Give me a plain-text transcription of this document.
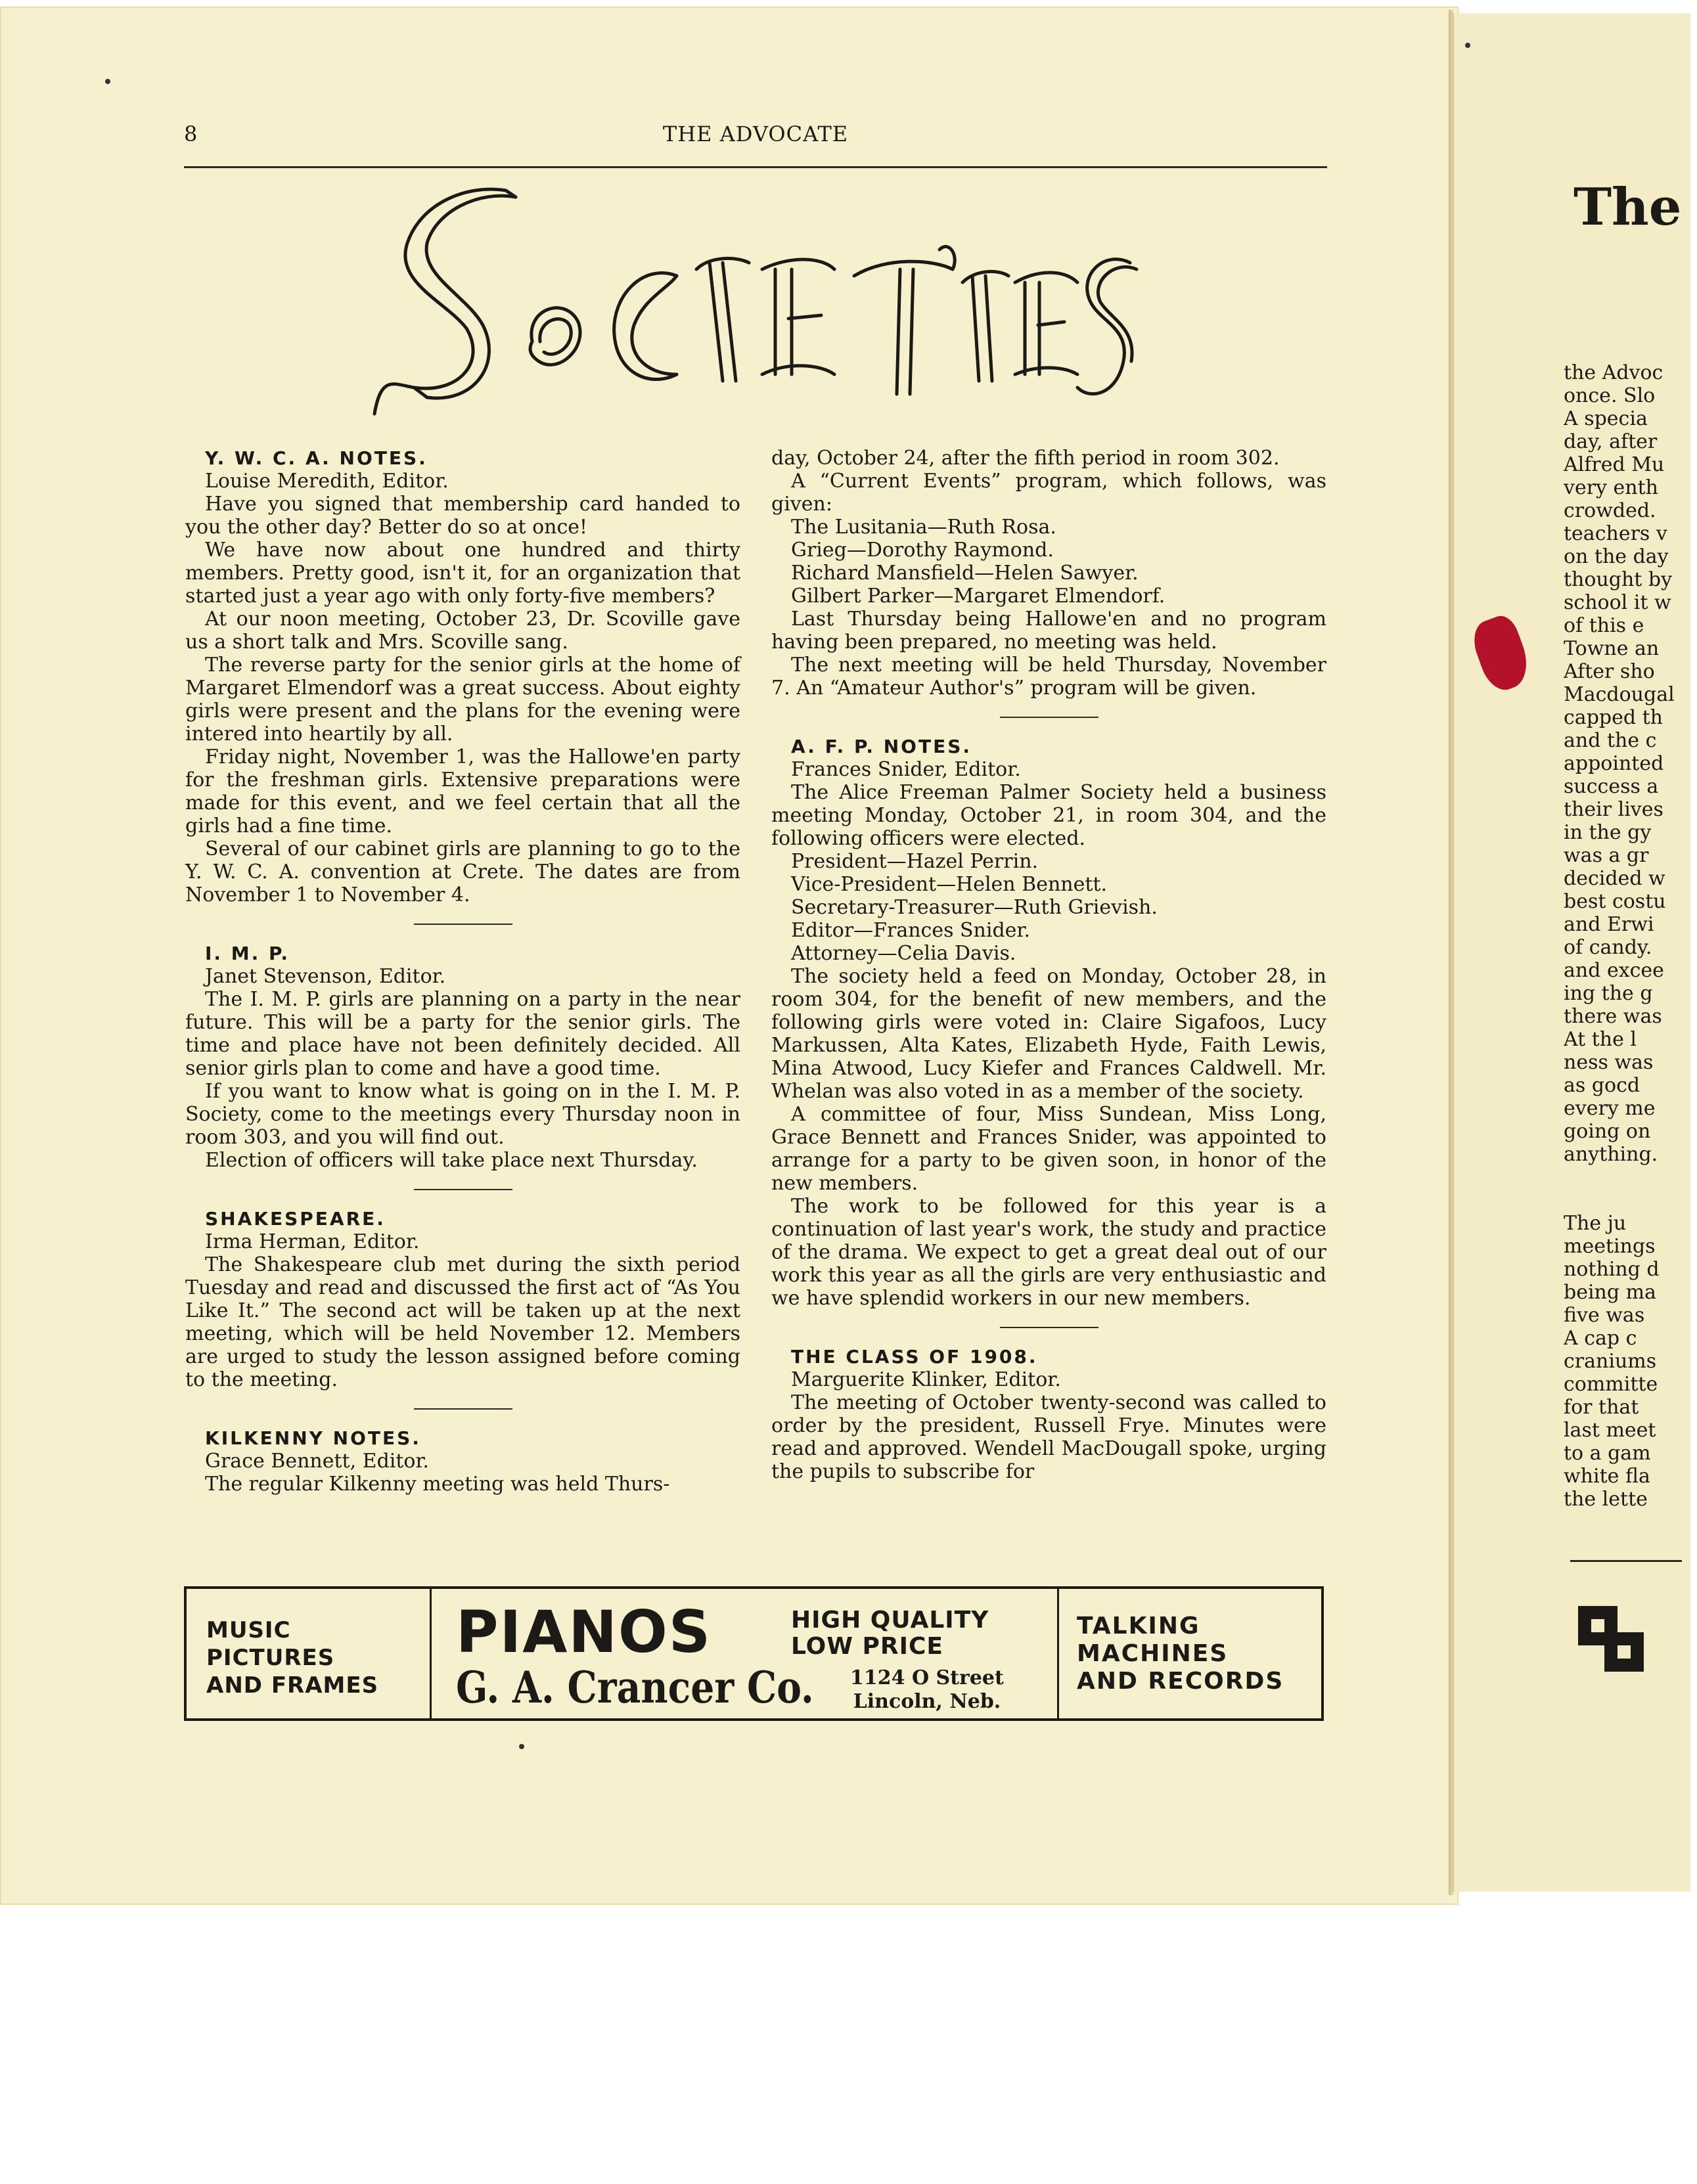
8	THE ADVOCATE

Y. W. C. A. NOTES.

Louise Meredith, Editor.

Have you signed that membership card handed to you the other day? Better do so at once!

We have now about one hundred and thirty members. Pretty good, isn't it, for an organization that started just a year ago with only forty-five members?

At our noon meeting, October 23, Dr. Scoville gave us a short talk and Mrs. Scoville sang.

The reverse party for the senior girls at the home of Margaret Elmendorf was a great success. About eighty girls were present and the plans for the evening were intered into heartily by all.

Friday night, November 1, was the Hallowe'en party for the freshman girls. Extensive preparations were made for this event, and we feel certain that all the girls had a fine time.

Several of our cabinet girls are planning to go to the Y. W. C. A. convention at Crete. The dates are from November 1 to November 4.

I. M. P.

Janet Stevenson, Editor.

The I. M. P. girls are planning on a party in the near future. This will be a party for the senior girls. The time and place have not been definitely decided. All senior girls plan to come and have a good time.

If you want to know what is going on in the I. M. P. Society, come to the meetings every Thursday noon in room 303, and you will find out.

Election of officers will take place next Thursday.

SHAKESPEARE.

Irma Herman, Editor.

The Shakespeare club met during the sixth period Tuesday and read and discussed the first act of “As You Like It.” The second act will be taken up at the next meeting, which will be held November 12. Members are urged to study the lesson assigned before coming to the meeting.

KILKENNY NOTES.

Grace Bennett, Editor.

The regular Kilkenny meeting was held Thurs-

day, October 24, after the fifth period in room 302.

A “Current Events” program, which follows, was given:

The Lusitania—Ruth Rosa.

Grieg—Dorothy Raymond.

Richard Mansfield—Helen Sawyer.

Gilbert Parker—Margaret Elmendorf.

Last Thursday being Hallowe'en and no program having been prepared, no meeting was held.

The next meeting will be held Thursday, November 7. An “Amateur Author's” program will be given.

A. F. P. NOTES.

Frances Snider, Editor.

The Alice Freeman Palmer Society held a business meeting Monday, October 21, in room 304, and the following officers were elected.

President—Hazel Perrin.

Vice-President—Helen Bennett.

Secretary-Treasurer—Ruth Grievish.

Editor—Frances Snider.

Attorney—Celia Davis.

The society held a feed on Monday, October 28, in room 304, for the benefit of new members, and the following girls were voted in: Claire Sigafoos, Lucy Markussen, Alta Kates, Elizabeth Hyde, Faith Lewis, Mina Atwood, Lucy Kiefer and Frances Caldwell. Mr. Whelan was also voted in as a member of the society.

A committee of four, Miss Sundean, Miss Long, Grace Bennett and Frances Snider, was appointed to arrange for a party to be given soon, in honor of the new members.

The work to be followed for this year is a continuation of last year's work, the study and practice of the drama. We expect to get a great deal out of our work this year as all the girls are very enthusiastic and we have splendid workers in our new members.

THE CLASS OF 1908.

Marguerite Klinker, Editor.

The meeting of October twenty-second was called to order by the president, Russell Frye. Minutes were read and approved. Wendell MacDougall spoke, urging the pupils to subscribe for

MUSIC
PICTURES
AND FRAMES
PIANOS	HIGH QUALITY
LOW PRICE
G. A. Crancer Co. 1124 O Street
Lincoln, Neb.
TALKING
MACHINES
AND RECORDS
The
the Advoc
once. Slo
A specia
day, after
Alfred Mu
very enth
crowded.
teachers v
on the day
thought by
school it w
of this e
Towne an
After sho
Macdougal
capped th
and the c
appointed
success a
their lives
in the gy
was a gr
decided w
best costu
and Erwi
of candy.
and excee
ing the g
there was
At the l
ness was
as gocd
every me
going on
anything.
The ju
meetings
nothing d
being ma
five was
A cap c
craniums
committe
for that
last meet
to a gam
white fla
the lette
